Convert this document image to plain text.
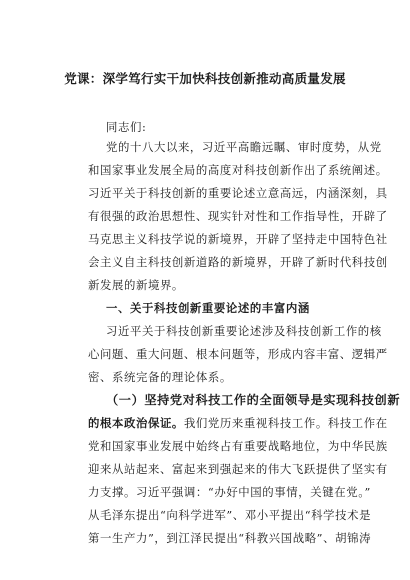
党课：深学笃行实干加快科技创新推动高质量发展
同志们:
党的十八大以来，习近平高瞻远瞩、审时度势，从党
和国家事业发展全局的高度对科技创新作出了系统阐述。
习近平关于科技创新的重要论述立意高远，内涵深刻，具
有很强的政治思想性、现实针对性和工作指导性，开辟了
马克思主义科技学说的新境界，开辟了坚持走中国特色社
会主义自主科技创新道路的新境界，开辟了新时代科技创
新发展的新境界。
一、关于科技创新重要论述的丰富内涵
习近平关于科技创新重要论述涉及科技创新工作的核
心问题、重大问题、根本问题等，形成内容丰富、逻辑严
密、系统完备的理论体系。
（一）坚持党对科技工作的全面领导是实现科技创新
的根本政治保证。我们党历来重视科技工作。科技工作在
党和国家事业发展中始终占有重要战略地位，为中华民族
迎来从站起来、富起来到强起来的伟大飞跃提供了坚实有
力支撑。习近平强调：“办好中国的事情，关键在党。”
从毛泽东提出“向科学进军”、邓小平提出“科学技术是
第一生产力”，到江泽民提出“科教兴国战略”、胡锦涛
